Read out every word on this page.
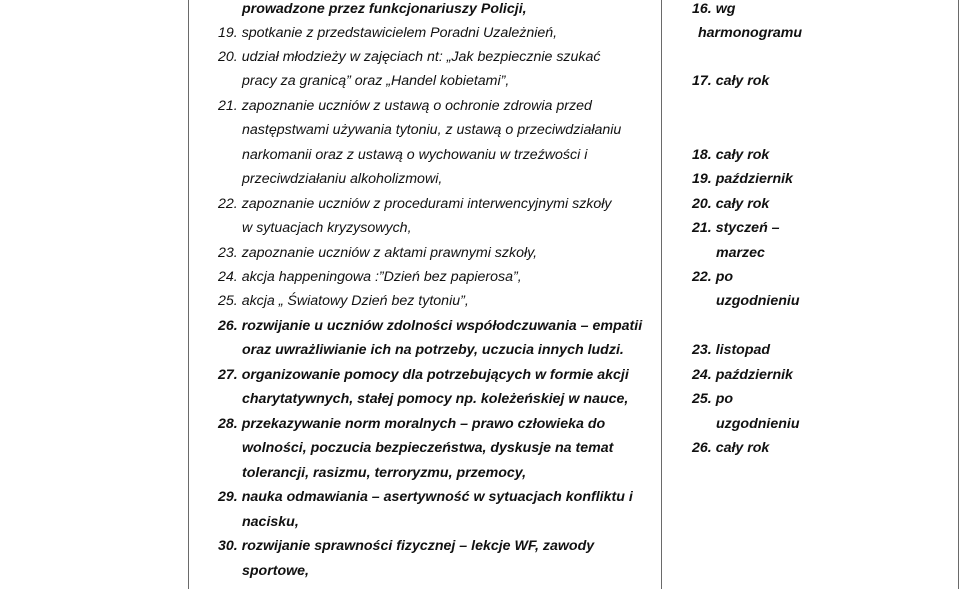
prowadzone przez funkcjonariuszy Policji,
19. spotkanie z przedstawicielem Poradni Uzależnień,
20. udział młodzieży w zajęciach nt: „Jak bezpiecznie szukać
pracy za granicą” oraz „Handel kobietami”,
21. zapoznanie uczniów z ustawą o ochronie zdrowia przed
następstwami używania tytoniu, z ustawą o przeciwdziałaniu
narkomanii oraz z ustawą o wychowaniu w trzeźwości i
przeciwdziałaniu alkoholizmowi,
22. zapoznanie uczniów z procedurami interwencyjnymi szkoły
w sytuacjach kryzysowych,
23. zapoznanie uczniów z aktami prawnymi szkoły,
24. akcja happeningowa :”Dzień bez papierosa”,
25. akcja „ Światowy Dzień bez tytoniu”,
26. rozwijanie u uczniów zdolności współodczuwania – empatii
oraz uwrażliwianie ich na potrzeby, uczucia innych ludzi.
27. organizowanie pomocy dla potrzebujących w formie akcji
charytatywnych, stałej pomocy np. koleżeńskiej w nauce,
28. przekazywanie norm moralnych – prawo człowieka do
wolności, poczucia bezpieczeństwa, dyskusje na temat
tolerancji, rasizmu, terroryzmu, przemocy,
29. nauka odmawiania – asertywność w sytuacjach konfliktu i
nacisku,
30. rozwijanie sprawności fizycznej – lekcje WF, zawody
sportowe,
16. wg
harmonogramu
17. cały rok
18. cały rok
19. październik
20. cały rok
21. styczeń –
marzec
22. po
uzgodnieniu
23. listopad
24. październik
25. po
uzgodnieniu
26. cały rok
